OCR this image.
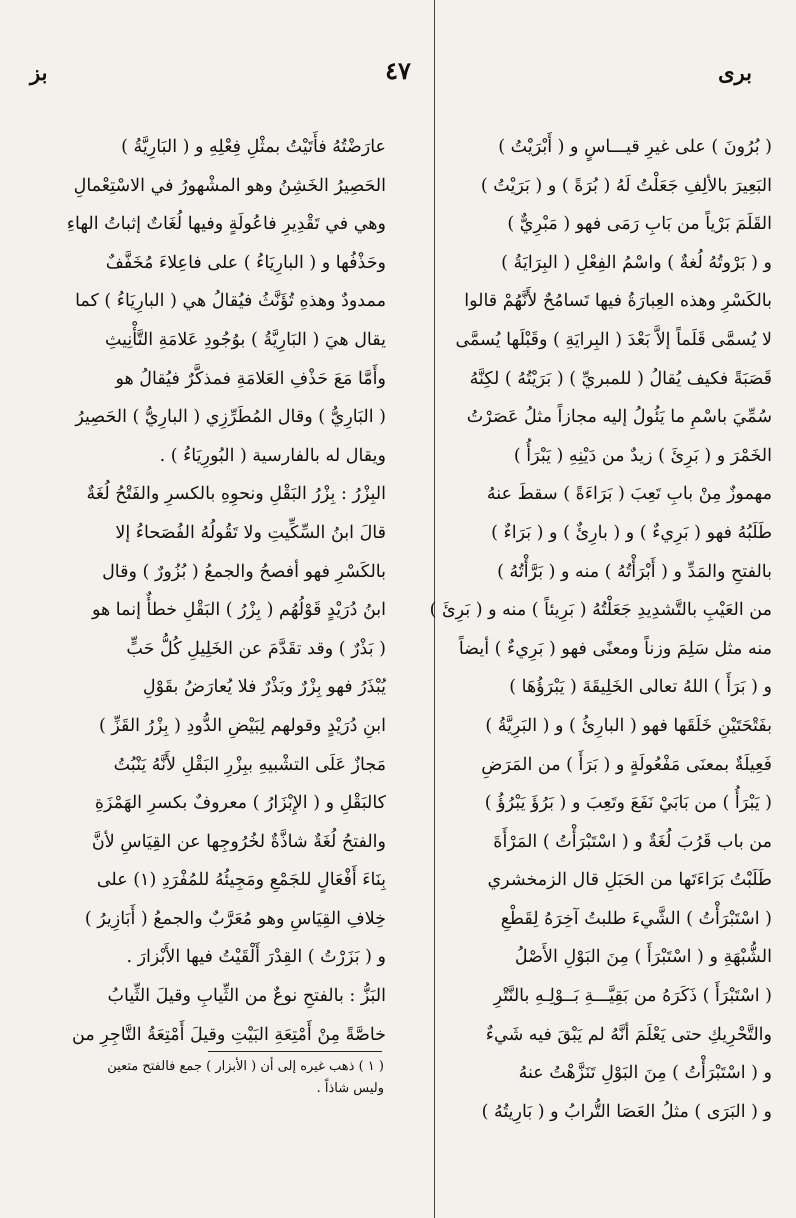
برى
٤٧
بز
( بُرُونَ ) على غيرِ قيـــاسٍ و ( أَبْرَيْتُ )
البَعِيرَ بالألِفِ جَعَلْتُ لَهُ ( بُرَةً ) و ( بَرَيْتُ )
القَلَمَ بَرْياً من بَابِ رَمَى فهو ( مَبْرِيٌّ )
و ( بَرْوتُهُ لُغةٌ ) واسْمُ الفِعْلِ ( البِرَايَةُ )
بالكَسْرِ وهذه العِبارَةُ فيها تَسامُحٌ لأَنَّهُمْ قالوا
لا يُسمَّى قَلَماً إلاَّ بَعْدَ ( البِرايَةِ ) وقَبْلَها يُسمَّى
قَصَبَةً فكيف يُقالُ ( للمبريِّ ) ( بَرَيْتُهُ ) لكِنَّهُ
سُمِّيَ باسْمِ ما يَئُولُ إليه مجازاً مثلُ عَصَرْتُ
الخَمْرَ و ( بَرِئَ ) زيدٌ من دَيْنِهِ ( يَبْرَأُ )
مهموزٌ مِنْ بابِ تَعِبَ ( بَرَاءَةً ) سقطَ عنهُ
طَلَبُهُ فهو ( بَرِيءٌ ) و ( بارِئٌ ) و ( بَرَاءٌ )
بالفتحِ والمَدِّ و ( أَبْرَأْتُهُ ) منه و ( بَرَّأْتُهُ )
من العَيْبِ بالتَّشدِيدِ جَعَلْتُهُ ( بَرِيئاً ) منه و ( بَرِئَ )
منه مثل سَلِمَ وزناً ومعنًى فهو ( بَرِيءٌ ) أيضاً
و ( بَرَأَ ) اللهُ تعالى الخَلِيقَةَ ( يَبْرَؤُهَا )
بفَتْحَتَيْنِ خَلَقَها فهو ( البارِئُ ) و ( البَرِيَّةُ )
فَعِيلَةٌ بمعنَى مَفْعُولَةٍ و ( بَرَأَ ) من المَرَضِ
( يَبْرَأُ ) من بَابَيْ نَفَعَ وتَعِبَ و ( بَرُؤَ يَبْرُؤُ )
من باب قَرُبَ لُغَةٌ و ( اسْتَبْرَأْتُ ) المَرْأَةَ
طَلَبْتُ بَرَاءَتَها من الحَبَلِ قال الزمخشري
( اسْتَبْرَأْتُ ) الشَّيءَ طلبتُ آخِرَهُ لِقَطْعِ
الشُّبْهَةِ و ( اسْتَبْرَأَ ) مِنَ البَوْلِ الأَصْلُ
( اسْتَبْرَأَ ) ذَكَرَهُ من بَقِيَّـــةِ بَــوْلِـهِ بالنَّتْرِ
والتَّحْرِيكِ حتى يَعْلَمَ أنَّهُ لم يَبْقَ فيه شَيءٌ
و ( اسْتَبْرَأْتُ ) مِنَ البَوْلِ تَنَزَّهْتُ عنهُ
و ( البَرَى ) مثلُ العَصَا التُّرابُ و ( بَارِيتُهُ )
عارَضْتُهُ فأَتَيْتُ بمثْلِ فِعْلِهِ و ( البَارِيَّةُ )
الحَصِيرُ الخَشِنُ وهو المشْهورُ في الاسْتِعْمالِ
وهي في تَقْدِيرِ فاعُولَةٍ وفيها لُغَاتٌ إثباتُ الهاءِ
وحَذْفُها و ( البارِيَاءُ ) على فاعِلاءَ مُخَفَّفٌ
ممدودٌ وهذهِ تُؤَنَّثُ فيُقالُ هي ( البارِيَاءُ ) كما
يقال هيَ ( البَارِيَّةُ ) بوُجُودِ عَلامَةِ التَّأْنِيثِ
وأَمَّا مَعَ حَذْفِ العَلامَةِ فمذكَّرٌ فيُقالُ هو
( البَارِيُّ ) وقال المُطَرِّزِي ( البارِيُّ ) الحَصِيرُ
ويقال له بالفارسية ( البُورِيَاءُ ) .
البِزْرُ : بِزْرُ البَقْلِ ونحوِهِ بالكسرِ والفَتْحُ لُغَةٌ
قالَ ابنُ السِّكِّيتِ ولا تَقُولُهُ الفُصَحاءُ إلا
بالكَسْرِ فهو أفصحُ والجمعُ ( بُزُورٌ ) وقال
ابنُ دُرَيْدٍ قَوْلُهُم ( بِزْرُ ) البَقْلِ خطأٌ إنما هو
( بَذْرٌ ) وقد تقَدَّمَ عن الخَلِيلِ كُلُّ حَبٍّ
يُبْذَرُ فهو بِزْرٌ وبَذْرٌ فلا يُعارَضُ بقَوْلِ
ابنِ دُرَيْدٍ وقولهم لِبَيْضِ الدُّودِ ( بِزْرُ القَزِّ )
مَجازٌ عَلَى التشْبيهِ ببِزْرِ البَقْلِ لأَنَّهُ يَنْبُتُ
كالبَقْلِ و ( الإِبْزَارُ ) معروفٌ بكسرِ الهَمْزَةِ
والفتحُ لُغَةٌ شاذَّةٌ لخُرُوجِها عن القِيَاسِ لأنَّ
بِنَاءَ أَفْعَالٍ للجَمْعِ ومَجِيئُهُ للمُفْرَدِ (١) على
خِلافِ القِيَاسِ وهو مُعَرَّبٌ والجمعُ ( أَبَازِيرُ )
و ( بَزَرْتُ ) القِدْرَ أَلْقَيْتُ فيها الأَبْزارَ .
البَزُّ : بالفتحِ نوعٌ من الثِّيابِ وقيلَ الثِّيابُ
خاصَّةً مِنْ أَمْتِعَةِ البَيْتِ وقيلَ أَمْتِعَةُ التَّاجِرِ من
( ١ ) ذهب غيره إلى أن ( الأبزار ) جمع فالفتح متعين
وليس شاذاً .
